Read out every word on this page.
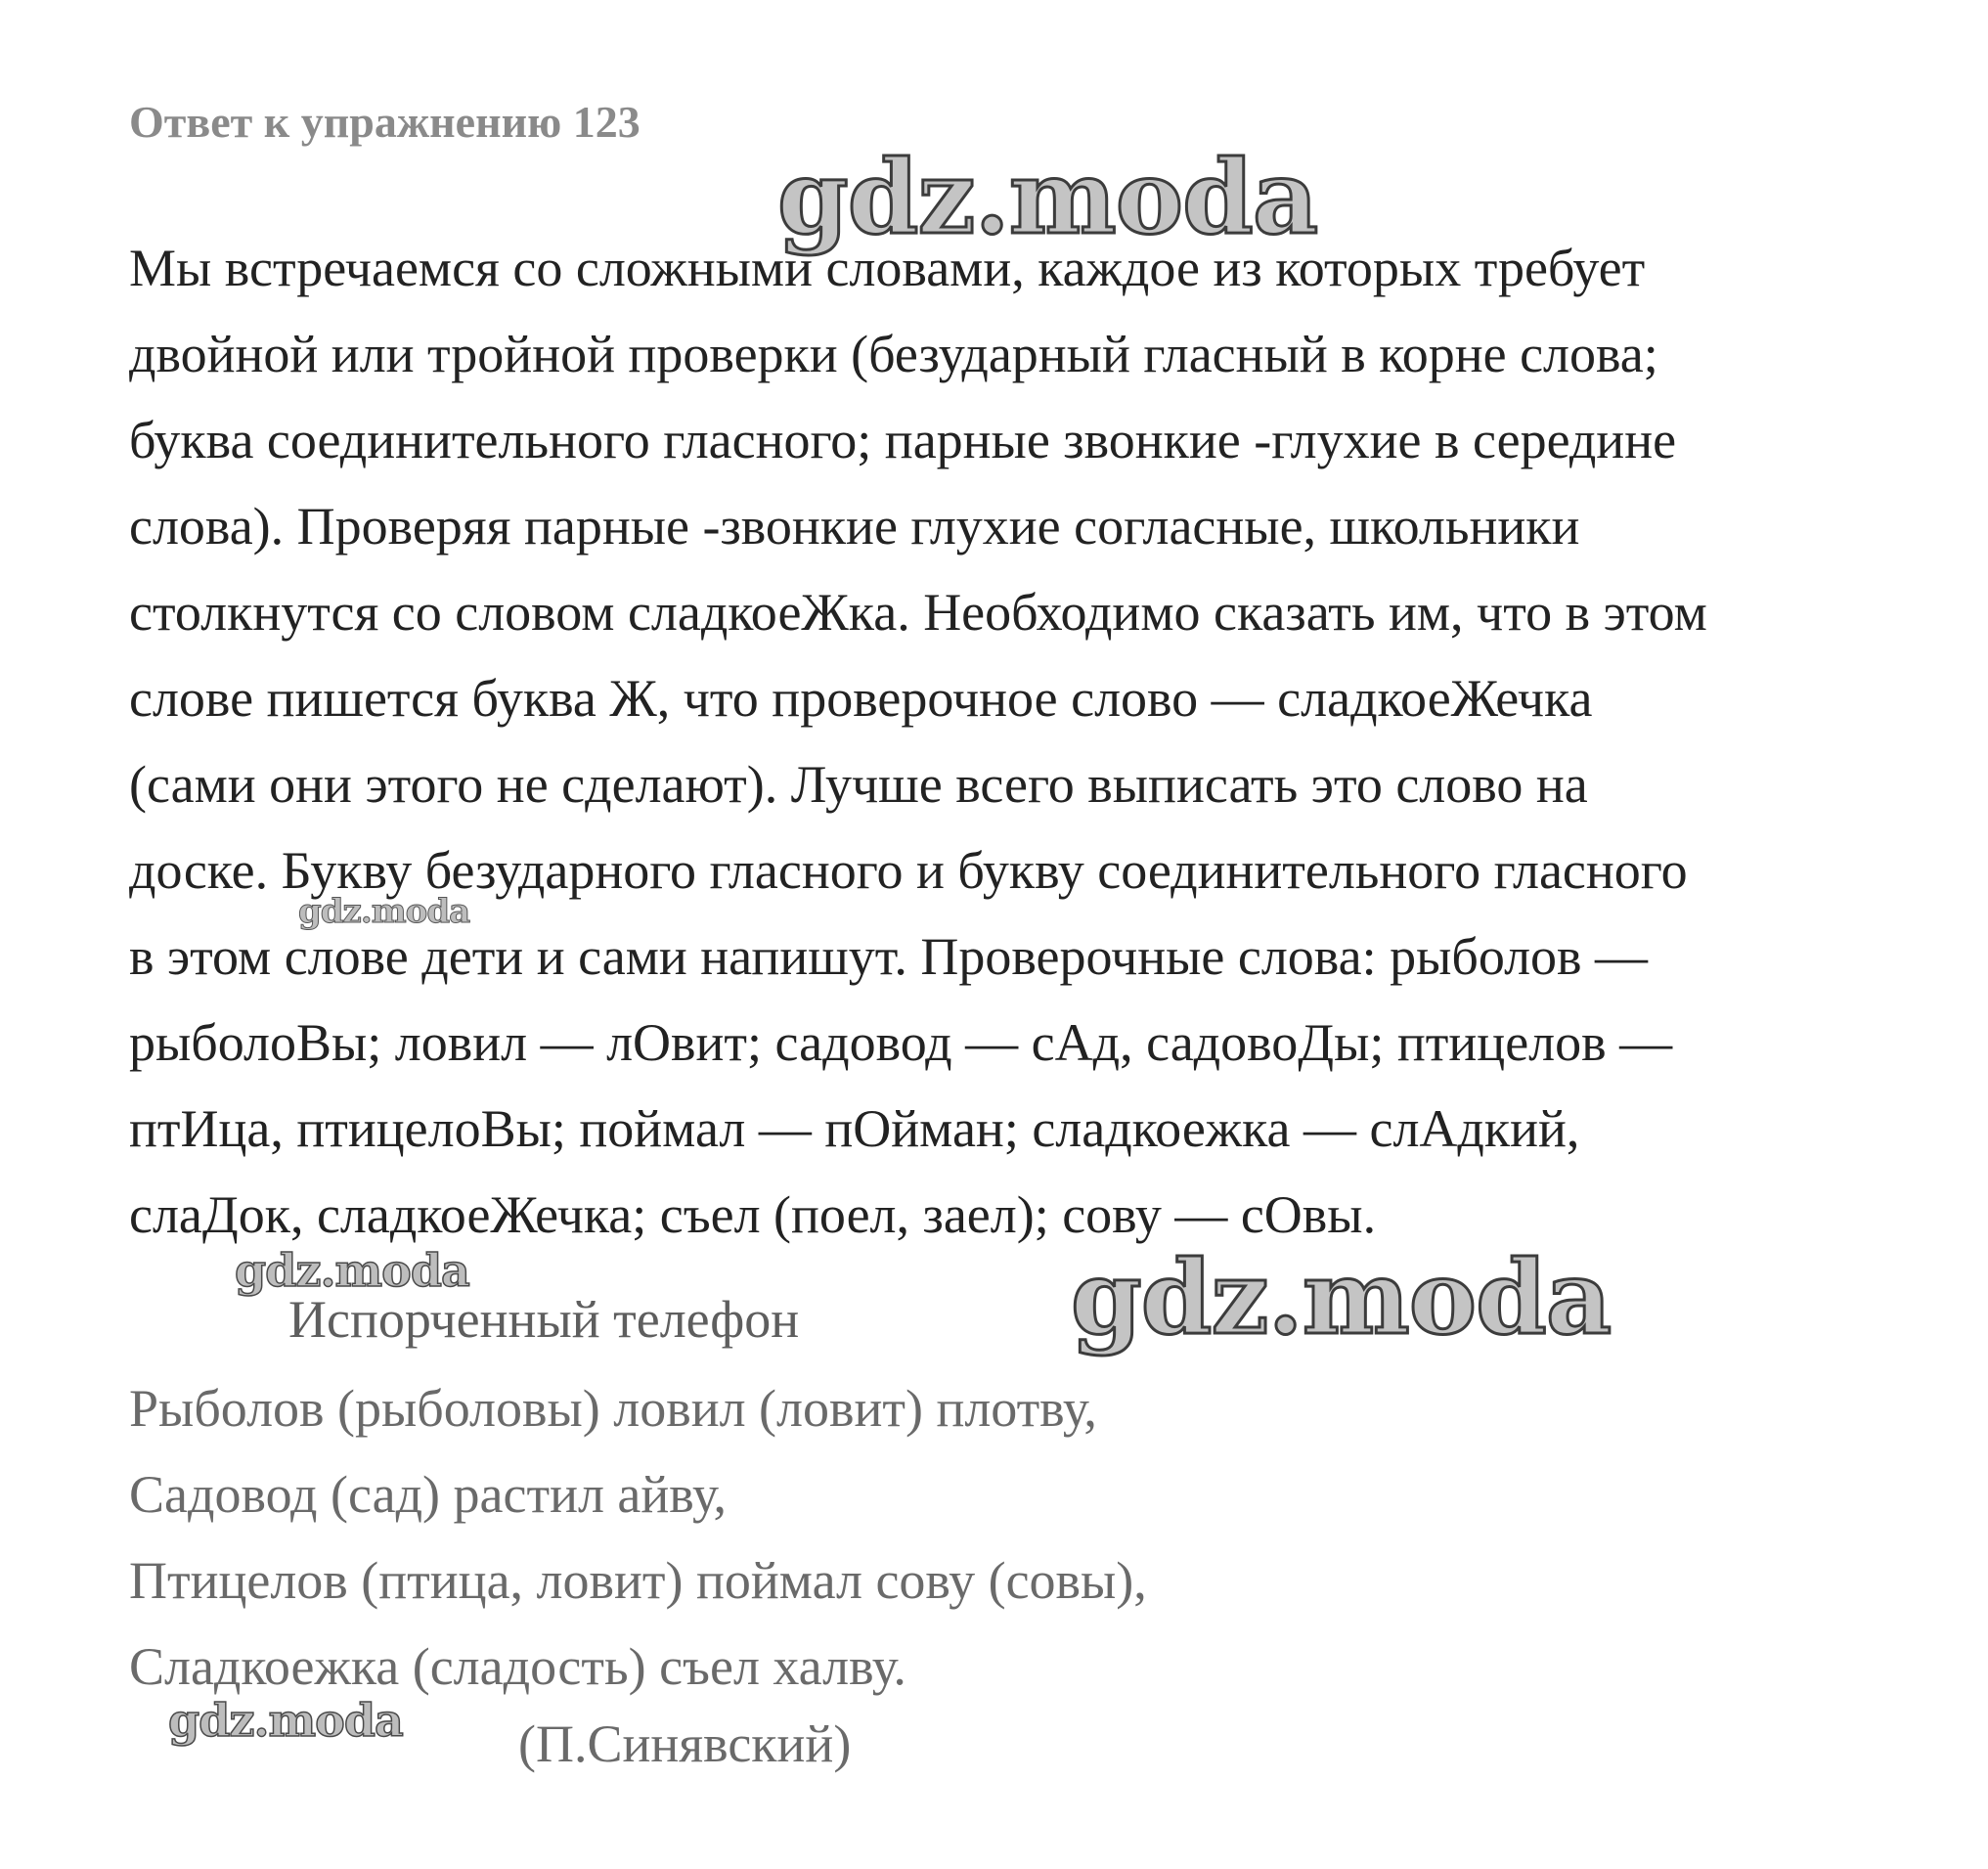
Ответ к упражнению 123
gdz.moda
Мы встречаемся со сложными словами, каждое из которых требует
двойной или тройной проверки (безударный гласный в корне слова;
буква соединительного гласного; парные звонкие -глухие в середине
слова). Проверяя парные -звонкие глухие согласные, школьники
столкнутся со словом сладкоеЖка. Необходимо сказать им, что в этом
слове пишется буква Ж, что проверочное слово — сладкоеЖечка
(сами они этого не сделают). Лучше всего выписать это слово на
доске. Букву безударного гласного и букву соединительного гласного
в этом слове дети и сами напишут. Проверочные слова: рыболов —
рыболоВы; ловил — лОвит; садовод — сАд, садовоДы; птицелов —
птИца, птицелоВы; поймал — пОйман; сладкоежка — слАдкий,
слаДок, сладкоеЖечка; съел (поел, заел); сову — сОвы.
gdz.moda
gdz.moda	gdz.moda
Испорченный телефон
Рыболов (рыболовы) ловил (ловит) плотву,
Садовод (сад) растил айву,
Птицелов (птица, ловит) поймал сову (совы),
Сладкоежка (сладость) съел халву.
gdz.moda (П.Синявский)
